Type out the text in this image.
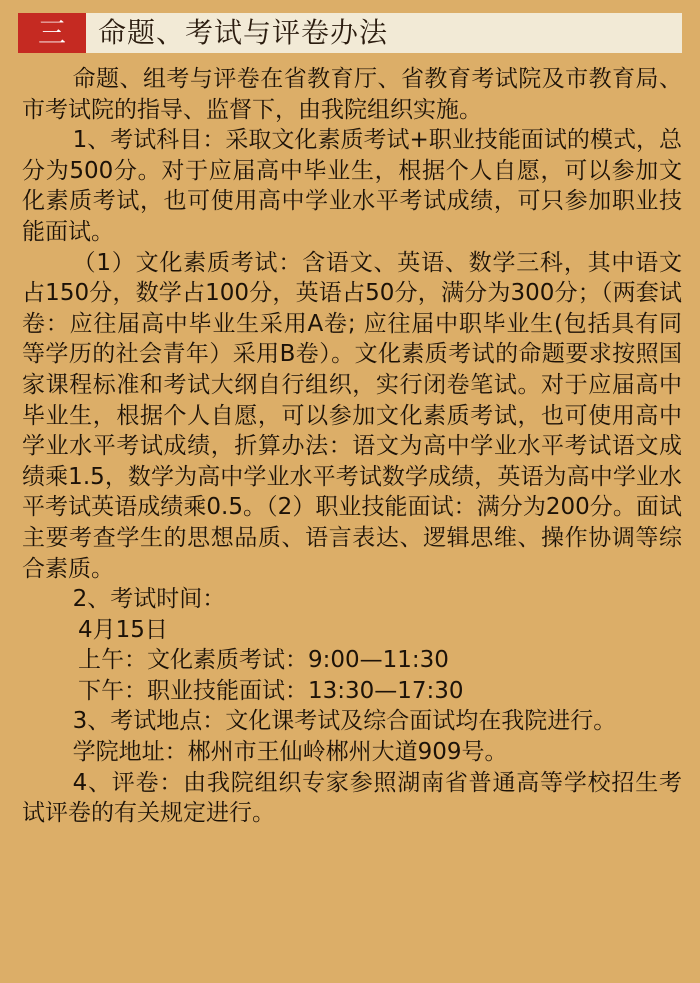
三	命题、考试与评卷办法

命题、组考与评卷在省教育厅、省教育考试院及市教育局、市考试院的指导、监督下，由我院组织实施。

1、考试科目：采取文化素质考试+职业技能面试的模式，总分为500分。对于应届高中毕业生，根据个人自愿，可以参加文化素质考试，也可使用高中学业水平考试成绩，可只参加职业技能面试。

（1）文化素质考试：含语文、英语、数学三科，其中语文占150分，数学占100分，英语占50分，满分为300分；（两套试卷：应往届高中毕业生采用A卷; 应往届中职毕业生(包括具有同等学历的社会青年）采用B卷）。文化素质考试的命题要求按照国家课程标准和考试大纲自行组织，实行闭卷笔试。对于应届高中毕业生，根据个人自愿，可以参加文化素质考试，也可使用高中学业水平考试成绩，折算办法：语文为高中学业水平考试语文成绩乘1.5，数学为高中学业水平考试数学成绩，英语为高中学业水平考试英语成绩乘0.5。（2）职业技能面试：满分为200分。面试主要考查学生的思想品质、语言表达、逻辑思维、操作协调等综合素质。

2、考试时间：

4月15日

上午：文化素质考试：9:00—11:30

下午：职业技能面试：13:30—17:30

3、考试地点：文化课考试及综合面试均在我院进行。

学院地址：郴州市王仙岭郴州大道909号。

4、评卷：由我院组织专家参照湖南省普通高等学校招生考试评卷的有关规定进行。
